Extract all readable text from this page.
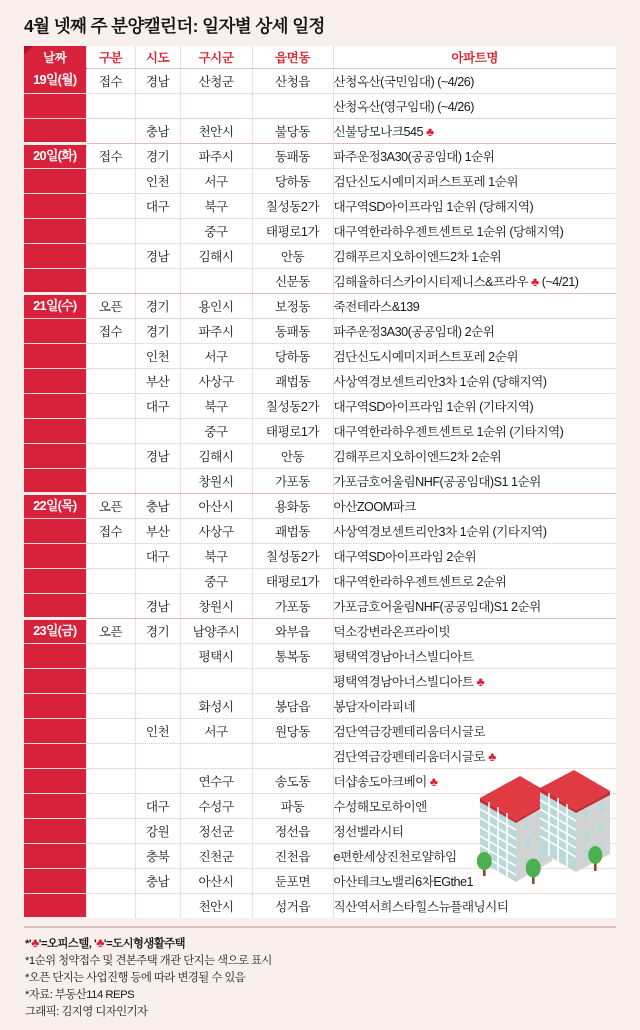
4월 넷째 주 분양캘린더: 일자별 상세 일정
날짜	구분	시도	구시군	읍면동	아파트명
19일(월)	접수	경남	산청군	산청읍	산청옥산(국민임대) (~4/26)
					산청옥산(영구임대) (~4/26)
		충남	천안시	불당동	신불당모나크545 ♣
20일(화)	접수	경기	파주시	동패동	파주운정3A30(공공임대) 1순위
		인천	서구	당하동	검단신도시예미지퍼스트포레 1순위
		대구	북구	칠성동2가	대구역SD아이프라임 1순위 (당해지역)
			중구	태평로1가	대구역한라하우젠트센트로 1순위 (당해지역)
		경남	김해시	안동	김해푸르지오하이엔드2차 1순위
				신문동	김해율하더스카이시티제니스&프라우 ♣ (~4/21)
21일(수)	오픈	경기	용인시	보정동	죽전테라스&139
	접수	경기	파주시	동패동	파주운정3A30(공공임대) 2순위
		인천	서구	당하동	검단신도시예미지퍼스트포레 2순위
		부산	사상구	괘법동	사상역경보센트리안3차 1순위 (당해지역)
		대구	북구	칠성동2가	대구역SD아이프라임 1순위 (기타지역)
			중구	태평로1가	대구역한라하우젠트센트로 1순위 (기타지역)
		경남	김해시	안동	김해푸르지오하이엔드2차 2순위
			창원시	가포동	가포금호어울림NHF(공공임대)S1 1순위
22일(목)	오픈	충남	아산시	용화동	아산ZOOM파크
	접수	부산	사상구	괘법동	사상역경보센트리안3차 1순위 (기타지역)
		대구	북구	칠성동2가	대구역SD아이프라임 2순위
			중구	태평로1가	대구역한라하우젠트센트로 2순위
		경남	창원시	가포동	가포금호어울림NHF(공공임대)S1 2순위
23일(금)	오픈	경기	남양주시	와부읍	덕소강변라온프라이빗
			평택시	통복동	평택역경남아너스빌디아트
					평택역경남아너스빌디아트 ♣
			화성시	봉담읍	봉담자이라피네
		인천	서구	원당동	검단역금강펜테리움더시글로
					검단역금강펜테리움더시글로 ♣
			연수구	송도동	더샵송도아크베이 ♣
		대구	수성구	파동	수성해모로하이엔
		강원	정선군	정선읍	정선벨라시티
		충북	진천군	진천읍	e편한세상진천로얄하임
		충남	아산시	둔포면	아산테크노밸리6차EGthe1
			천안시	성거읍	직산역서희스타힐스뉴플래닝시티
*'♣'=오피스텔, '♣'=도시형생활주택
*1순위 청약접수 및 견본주택 개관 단지는 색으로 표시
*오픈 단지는 사업진행 등에 따라 변경될 수 있음
*자료: 부동산114 REPS
그래픽: 김지영 디자인기자
